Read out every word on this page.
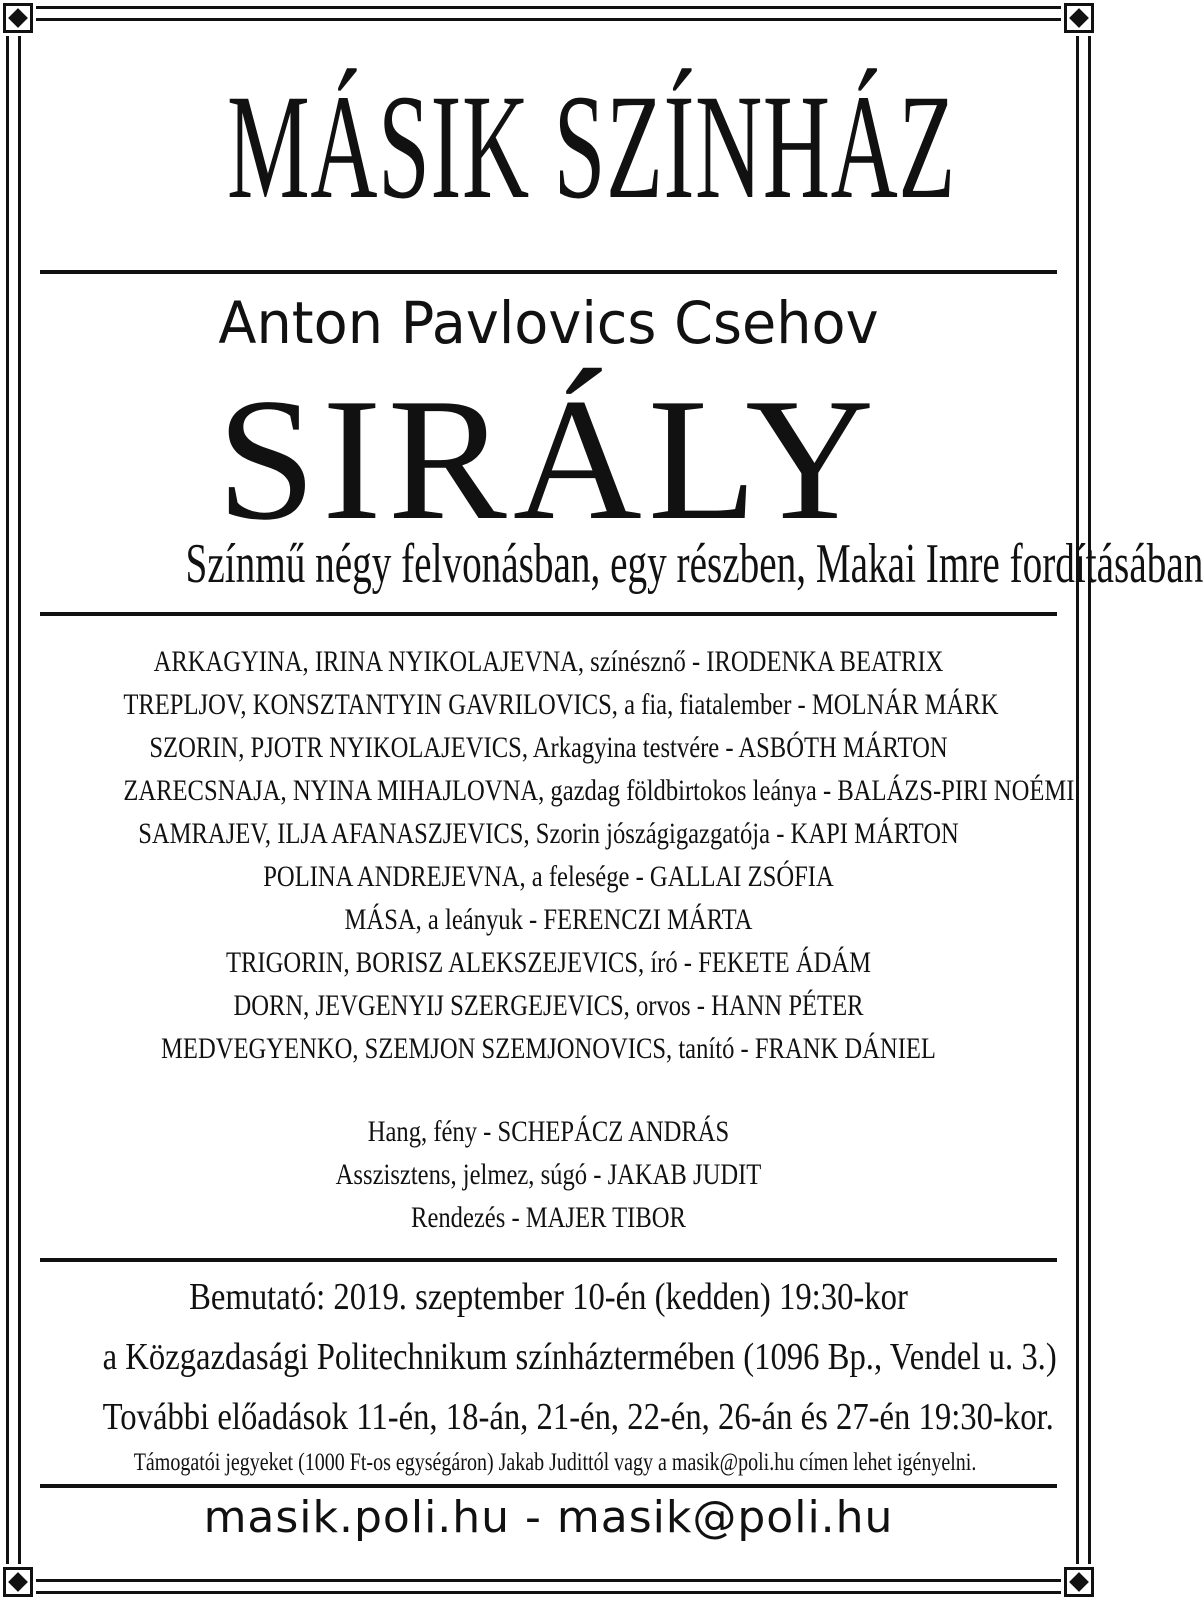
MÁSIK SZÍNHÁZ
Anton Pavlovics Csehov
SIRÁLY
Színmű négy felvonásban, egy részben, Makai Imre fordításában
ARKAGYINA, IRINA NYIKOLAJEVNA, színésznő - IRODENKA BEATRIX
TREPLJOV, KONSZTANTYIN GAVRILOVICS, a fia, fiatalember - MOLNÁR MÁRK
SZORIN, PJOTR NYIKOLAJEVICS, Arkagyina testvére - ASBÓTH MÁRTON
ZARECSNAJA, NYINA MIHAJLOVNA, gazdag földbirtokos leánya - BALÁZS-PIRI NOÉMI
SAMRAJEV, ILJA AFANASZJEVICS, Szorin jószágigazgatója - KAPI MÁRTON
POLINA ANDREJEVNA, a felesége - GALLAI ZSÓFIA
MÁSA, a leányuk - FERENCZI MÁRTA
TRIGORIN, BORISZ ALEKSZEJEVICS, író - FEKETE ÁDÁM
DORN, JEVGENYIJ SZERGEJEVICS, orvos - HANN PÉTER
MEDVEGYENKO, SZEMJON SZEMJONOVICS, tanító - FRANK DÁNIEL
Hang, fény - SCHEPÁCZ ANDRÁS
Asszisztens, jelmez, súgó - JAKAB JUDIT
Rendezés - MAJER TIBOR
Bemutató: 2019. szeptember 10-én (kedden) 19:30-kor
a Közgazdasági Politechnikum színháztermében (1096 Bp., Vendel u. 3.)
További előadások 11-én, 18-án, 21-én, 22-én, 26-án és 27-én 19:30-kor.
Támogatói jegyeket (1000 Ft-os egységáron) Jakab Judittól vagy a masik@poli.hu címen lehet igényelni.
masik.poli.hu - masik@poli.hu
